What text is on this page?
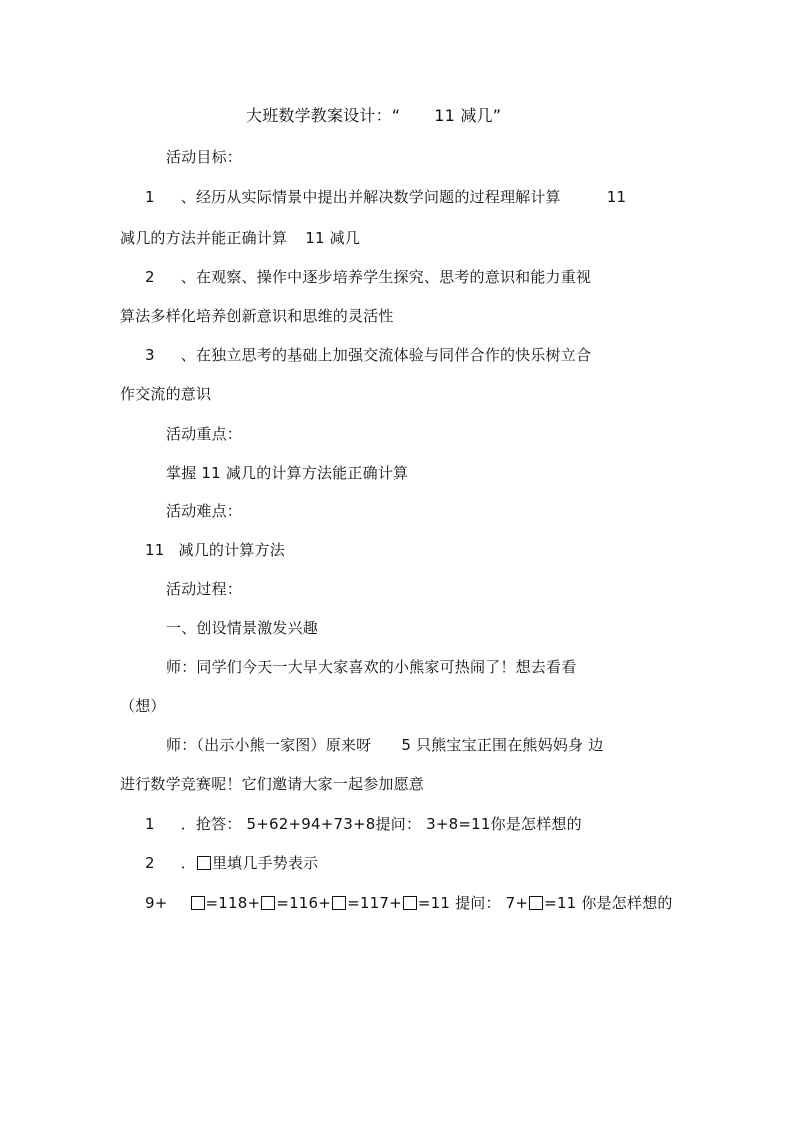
大班数学教案设计：“ 11 减几”
活动目标：
1 、经历从实际情景中提出并解决数学问题的过程理解计算	11
减几的方法并能正确计算 11 减几
2 、在观察、操作中逐步培养学生探究、思考的意识和能力重视
算法多样化培养创新意识和思维的灵活性
3 、在独立思考的基础上加强交流体验与同伴合作的快乐树立合
作交流的意识
活动重点：
掌握 11 减几的计算方法能正确计算
活动难点：
11 减几的计算方法
活动过程：
一、创设情景激发兴趣
师：同学们今天一大早大家喜欢的小熊家可热闹了！想去看看
（想）
师：（出示小熊一家图）原来呀 5 只熊宝宝正围在熊妈妈身 边
进行数学竞赛呢！它们邀请大家一起参加愿意
1 ．抢答： 5+62+94+73+8提问： 3+8=11你是怎样想的
2 ． 里填几手势表示
9+	=118+ =116+ =117+ =11 提问： 7+ =11 你是怎样想的
